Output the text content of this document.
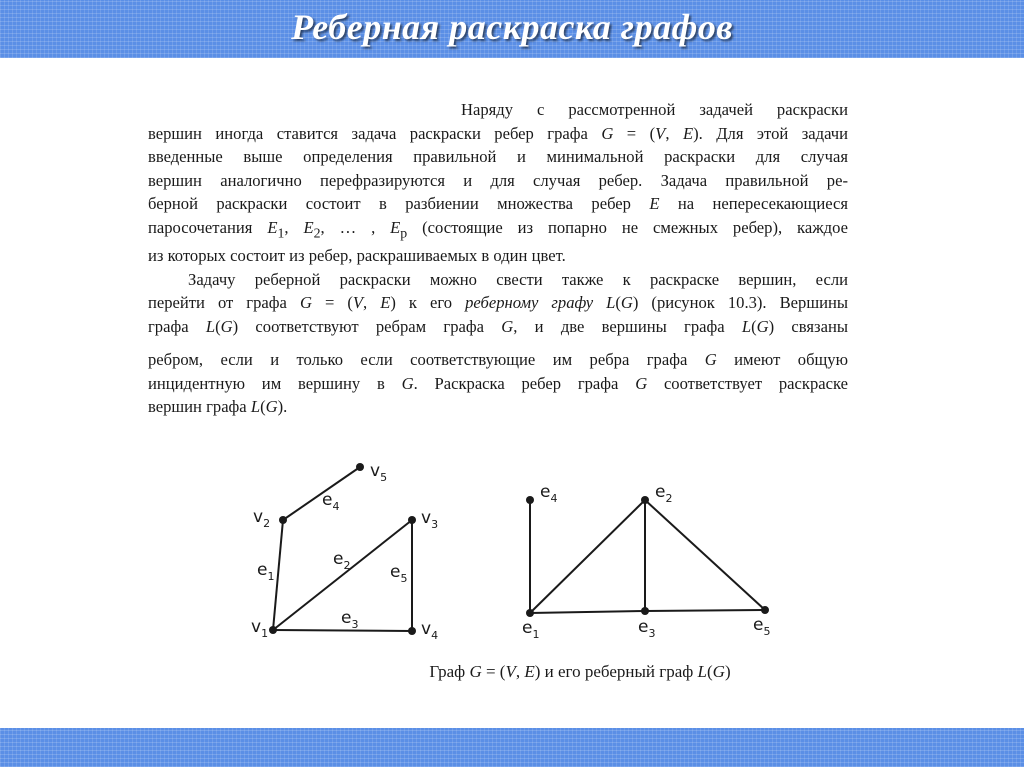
Реберная раскраска графов
Наряду с рассмотренной задачей раскраски
вершин иногда ставится задача раскраски ребер графа G = (V, E). Для этой задачи
введенные выше определения правильной и минимальной раскраски для случая
вершин аналогично перефразируются и для случая ребер. Задача правильной ре-
берной раскраски состоит в разбиении множества ребер E на непересекающиеся
паросочетания $E_1$, $E_2$, … , $E_p$ (состоящие из попарно не смежных ребер), каждое
из которых состоит из ребер, раскрашиваемых в один цвет.
Задачу реберной раскраски можно свести также к раскраске вершин, если
перейти от графа G = (V, E) к его реберному графу L(G) (рисунок 10.3). Вершины
графа L(G) соответствуют ребрам графа G, и две вершины графа L(G) связаны
ребром, если и только если соответствующие им ребра графа G имеют общую
инцидентную им вершину в G. Раскраска ребер графа G соответствует раскраске
вершин графа L(G).
$v_1$
$v_2$	$v_3$
$v_4$
$v_5$
$e_1$
$e_2$
$e_3$
$e_4$
$e_5$
$e_1$
$e_2$
$e_3$
$e_4$
$e_5$
Граф G = (V, E) и его реберный граф L(G)
